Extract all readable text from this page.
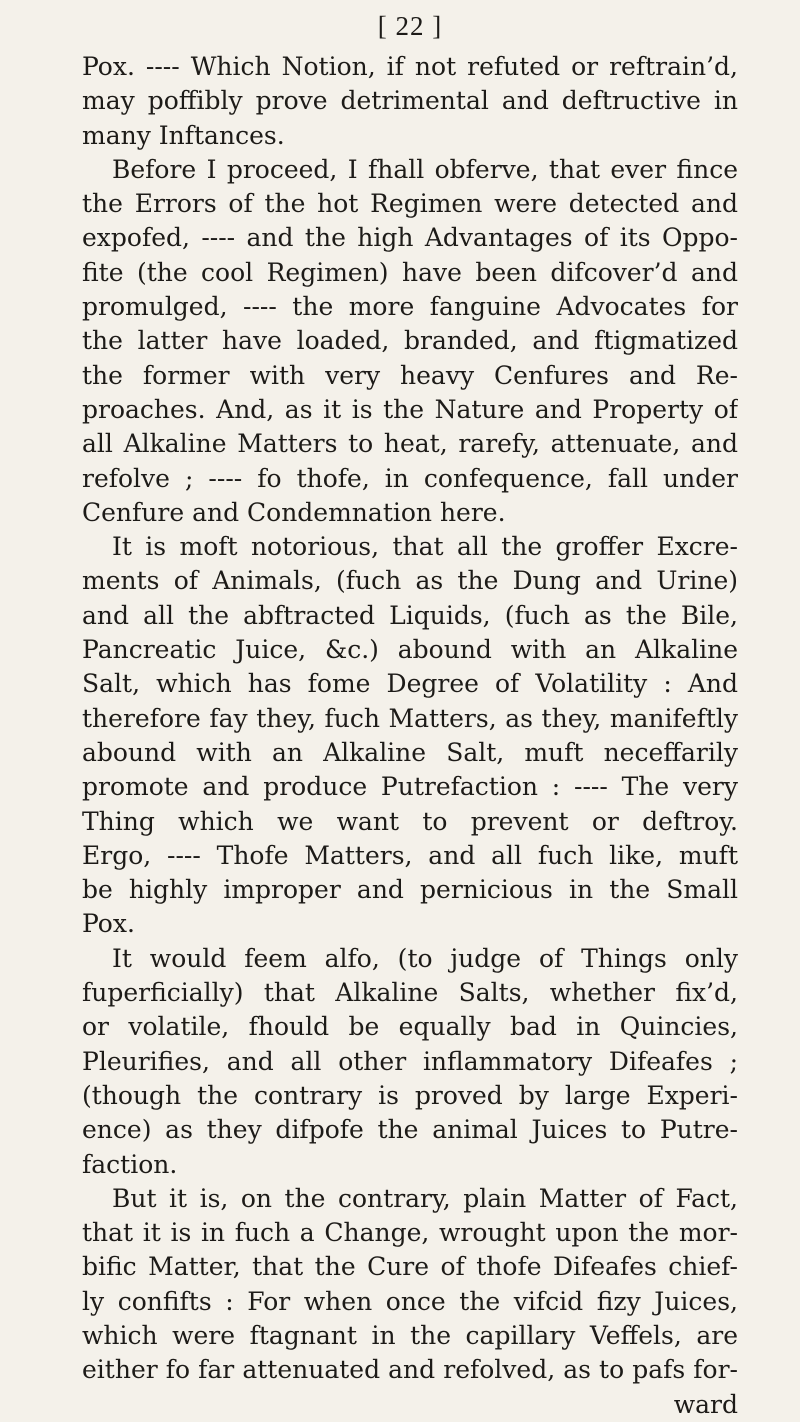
[ 22 ]
Pox. ---- Which Notion, if not refuted or reftrain’d,
may poffibly prove detrimental and deftructive in
many Inftances.
Before I proceed, I fhall obferve, that ever fince
the Errors of the hot Regimen were detected and
expofed, ---- and the high Advantages of its Oppo-
fite (the cool Regimen) have been difcover’d and
promulged, ---- the more fanguine Advocates for
the latter have loaded, branded, and ftigmatized
the former with very heavy Cenfures and Re-
proaches. And, as it is the Nature and Property of
all Alkaline Matters to heat, rarefy, attenuate, and
refolve ; ---- fo thofe, in confequence, fall under
Cenfure and Condemnation here.
It is moft notorious, that all the groffer Excre-
ments of Animals, (fuch as the Dung and Urine)
and all the abftracted Liquids, (fuch as the Bile,
Pancreatic Juice, &c.) abound with an Alkaline
Salt, which has fome Degree of Volatility : And
therefore fay they, fuch Matters, as they, manifeftly
abound with an Alkaline Salt, muft neceffarily
promote and produce Putrefaction : ---- The very
Thing which we want to prevent or deftroy.
Ergo, ---- Thofe Matters, and all fuch like, muft
be highly improper and pernicious in the Small
Pox.
It would feem alfo, (to judge of Things only
fuperficially) that Alkaline Salts, whether fix’d,
or volatile, fhould be equally bad in Quincies,
Pleurifies, and all other inflammatory Difeafes ;
(though the contrary is proved by large Experi-
ence) as they difpofe the animal Juices to Putre-
faction.
But it is, on the contrary, plain Matter of Fact,
that it is in fuch a Change, wrought upon the mor-
bific Matter, that the Cure of thofe Difeafes chief-
ly confifts : For when once the vifcid fizy Juices,
which were ftagnant in the capillary Veffels, are
either fo far attenuated and refolved, as to pafs for-
ward
